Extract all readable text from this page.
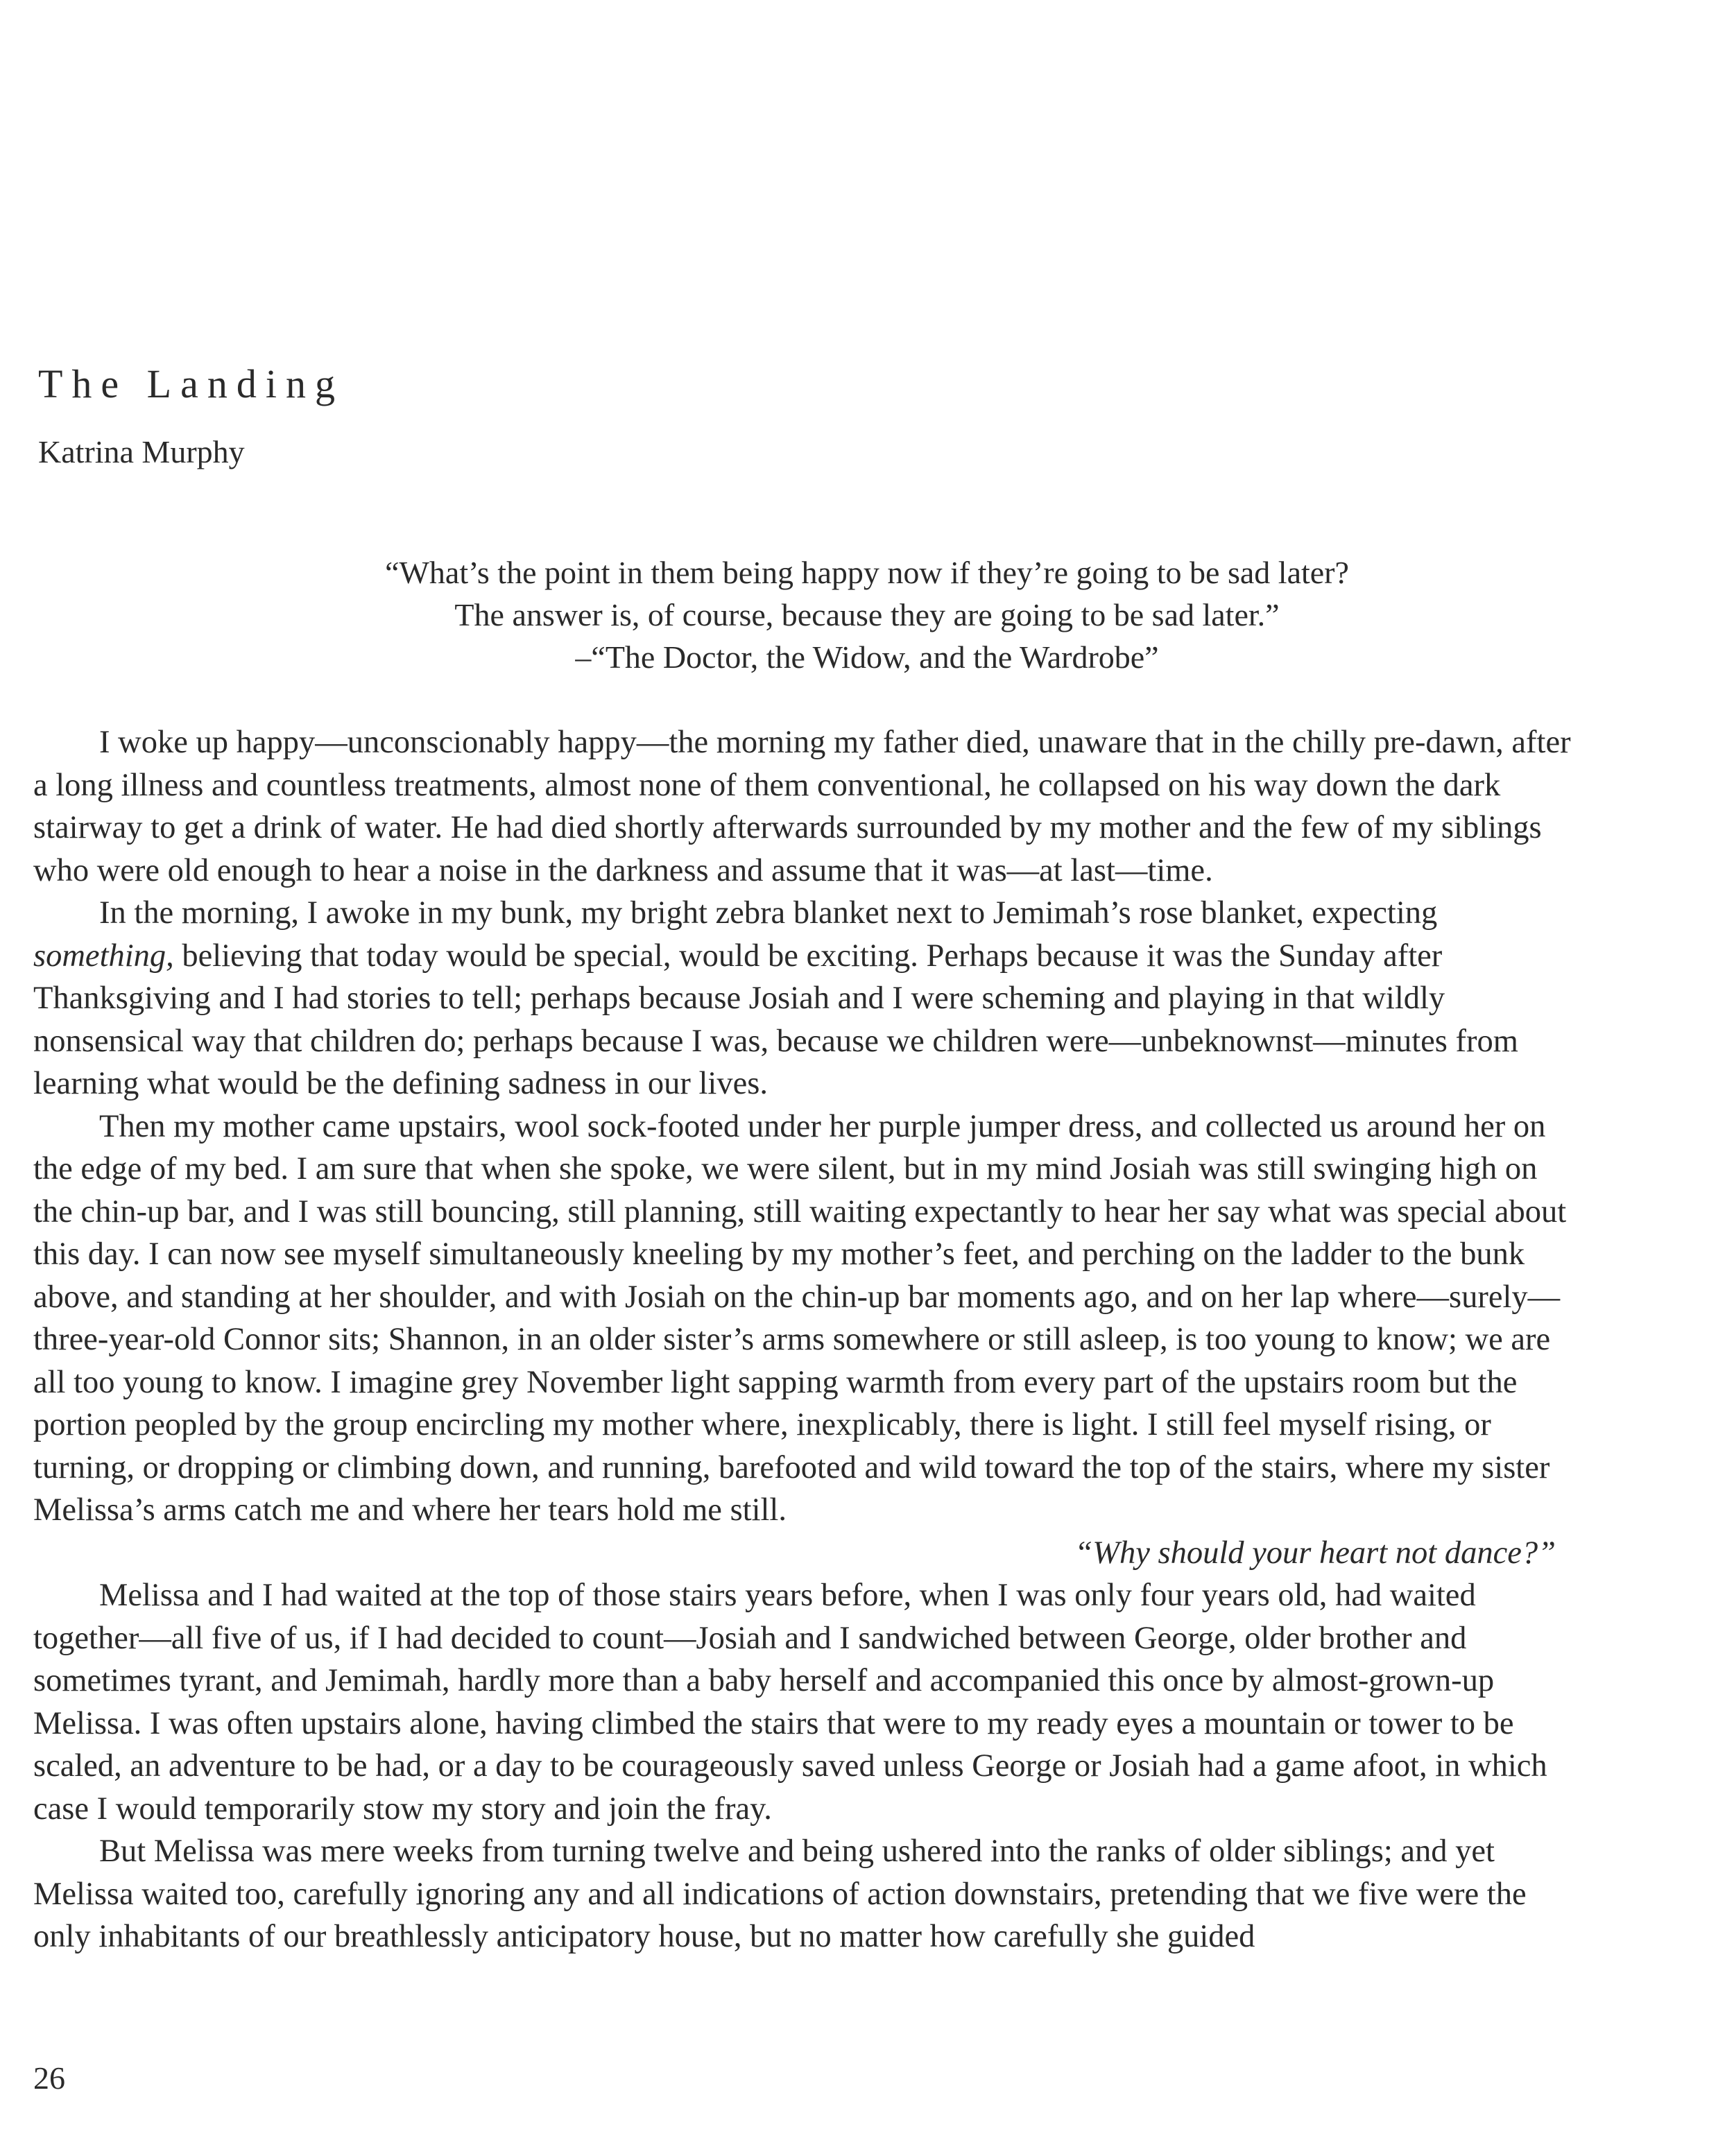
The Landing
Katrina Murphy
“What’s the point in them being happy now if they’re going to be sad later?
The answer is, of course, because they are going to be sad later.”
–“The Doctor, the Widow, and the Wardrobe”

I woke up happy—unconscionably happy—the morning my father died, unaware that in the chilly pre-dawn, after a long illness and countless treatments, almost none of them conventional, he collapsed on his way down the dark stairway to get a drink of water. He had died shortly afterwards surrounded by my mother and the few of my siblings who were old enough to hear a noise in the darkness and assume that it was—at last—time.

In the morning, I awoke in my bunk, my bright zebra blanket next to Jemimah’s rose blanket, expecting something, believing that today would be special, would be exciting. Perhaps because it was the Sunday after Thanksgiving and I had stories to tell; perhaps because Josiah and I were scheming and playing in that wildly nonsensical way that children do; perhaps because I was, because we children were—unbeknownst—minutes from learning what would be the defining sadness in our lives.

Then my mother came upstairs, wool sock-footed under her purple jumper dress, and collected us around her on the edge of my bed. I am sure that when she spoke, we were silent, but in my mind Josiah was still swinging high on the chin-up bar, and I was still bouncing, still planning, still waiting expectantly to hear her say what was special about this day. I can now see myself simultaneously kneeling by my mother’s feet, and perching on the ladder to the bunk above, and standing at her shoulder, and with Josiah on the chin-up bar moments ago, and on her lap where—surely—three-year-old Connor sits; Shannon, in an older sister’s arms somewhere or still asleep, is too young to know; we are all too young to know. I imagine grey November light sapping warmth from every part of the upstairs room but the portion peopled by the group encircling my mother where, inexplicably, there is light. I still feel myself rising, or turning, or dropping or climbing down, and running, barefooted and wild toward the top of the stairs, where my sister Melissa’s arms catch me and where her tears hold me still.

“Why should your heart not dance?”

Melissa and I had waited at the top of those stairs years before, when I was only four years old, had waited together—all five of us, if I had decided to count—Josiah and I sandwiched between George, older brother and sometimes tyrant, and Jemimah, hardly more than a baby herself and accompanied this once by almost-grown-up Melissa. I was often upstairs alone, having climbed the stairs that were to my ready eyes a mountain or tower to be scaled, an adventure to be had, or a day to be courageously saved unless George or Josiah had a game afoot, in which case I would temporarily stow my story and join the fray.

But Melissa was mere weeks from turning twelve and being ushered into the ranks of older siblings; and yet Melissa waited too, carefully ignoring any and all indications of action downstairs, pretending that we five were the only inhabitants of our breathlessly anticipatory house, but no matter how carefully she guided

26
